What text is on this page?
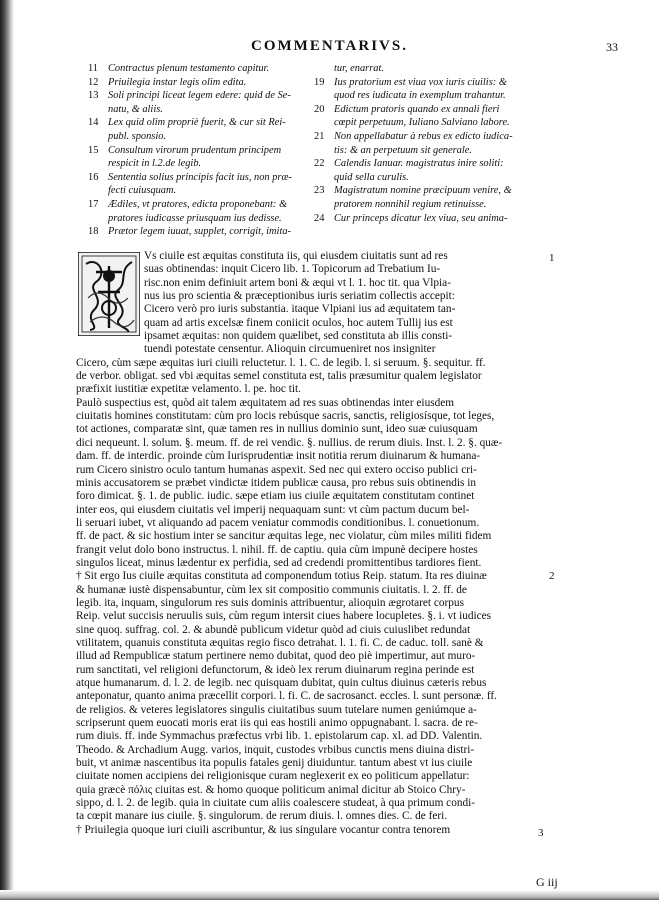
COMMENTARIVS.	33
11 Contractus plenum testamento capitur.
12 Priuilegia instar legis olim edita.
13 Soli principi liceat legem edere: quid de Se-
natu, & aliis.
14 Lex quid olim propriè fuerit, & cur sit Rei-
publ. sponsio.
15 Consultum virorum prudentum principem
respicit in l.2.de legib.
16 Sententia solius principis facit ius, non præ-
fecti cuiusquam.
17 Ædiles, vt pratores, edicta proponebant: &
pratores iudicasse priusquam ius dedisse.
18 Prætor legem iuuat, supplet, corrigit, imita-
tur, enarrat.
19 Ius pratorium est viua vox iuris ciuilis: &
quod res iudicata in exemplum trahantur.
20 Edictum pratoris quando ex annali fieri
cœpit perpetuum, Iuliano Salviano labore.
21 Non appellabatur à rebus ex edicto iudica-
tis: & an perpetuum sit generale.
22 Calendis Ianuar. magistratus inire soliti:
quid sella curulis.
23 Magistratum nomine præcipuum venire, &
pratorem nonnihil regium retinuisse.
24 Cur princeps dicatur lex viua, seu anima-
Vs ciuile est æquitas constituta iis, qui eiusdem ciuitatis sunt ad res
suas obtinendas: inquit Cicero lib. 1. Topicorum ad Trebatium Iu-
risc.non enim definiuit artem boni & æqui vt l. 1. hoc tit. qua Vlpia-
nus ius pro scientia & præceptionibus iuris seriatim collectis accepit:
Cicero verò pro iuris substantia. itaque Vlpiani ius ad æquitatem tan-
quam ad artis excelsæ finem coniicit oculos, hoc autem Tullij ius est
ipsamet æquitas: non quidem quælibet, sed constituta ab illis consti-
tuendi potestate censentur. Alioquin circumueniret nos insigniter
Cicero, cùm sæpe æquitas iuri ciuili reluctetur. l. 1. C. de legib. l. si seruum. §. sequitur. ff.
de verbor. obligat. sed vbi æquitas semel constituta est, talis præsumitur qualem legislator
præfixit iustitiæ expetitæ velamento. l. pe. hoc tit.
Paulò suspectius est, quòd ait talem æquitatem ad res suas obtinendas inter eiusdem
ciuitatis homines constitutam: cùm pro locis rebúsque sacris, sanctis, religiosísque, tot leges,
tot actiones, comparatæ sint, quæ tamen res in nullius dominio sunt, ideo suæ cuiusquam
dici nequeunt. l. solum. §. meum. ff. de rei vendic. §. nullius. de rerum diuis. Inst. l. 2. §. quæ-
dam. ff. de interdic. proinde cùm Iurisprudentiæ insit notitia rerum diuinarum & humana-
rum Cicero sinistro oculo tantum humanas aspexit. Sed nec qui extero occiso publici cri-
minis accusatorem se præbet vindictæ itidem publicæ causa, pro rebus suis obtinendis in
foro dimicat. §. 1. de public. iudic. sæpe etiam ius ciuile æquitatem constitutam continet
inter eos, qui eiusdem ciuitatis vel imperij nequaquam sunt: vt cùm pactum ducum bel-
li seruari iubet, vt aliquando ad pacem veniatur commodis conditionibus. l. conuetionum.
ff. de pact. & sic hostium inter se sancitur æquitas lege, nec violatur, cùm miles militi fidem
frangit velut dolo bono instructus. l. nihil. ff. de captiu. quia cùm impunè decipere hostes
singulos liceat, minus lædentur ex perfidia, sed ad credendi promittentibus tardiores fient.
† Sit ergo Ius ciuile æquitas constituta ad componendum totius Reip. statum. Ita res diuinæ
& humanæ iustè dispensabuntur, cùm lex sit compositio communis ciuitatis. l. 2. ff. de
legib. ita, inquam, singulorum res suis dominis attribuentur, alioquin ægrotaret corpus
Reip. velut succisis neruulis suis, cùm regum intersit ciues habere locupletes. §. i. vt iudices
sine quoq. suffrag. col. 2. & abundè publicum videtur quòd ad ciuis cuiuslibet redundat
vtilitatem, quanuis constituta æquitas regio fisco detrahat. l. 1. fi. C. de caduc. toll. sanè &
illud ad Rempublicæ statum pertinere nemo dubitat, quod deo piè impertimur, aut muro-
rum sanctitati, vel religioni defunctorum, & ideò lex rerum diuinarum regina perinde est
atque humanarum. d. l. 2. de legib. nec quisquam dubitat, quin cultus diuinus cæteris rebus
anteponatur, quanto anima præcellit corpori. l. fi. C. de sacrosanct. eccles. l. sunt personæ. ff.
de religios. & veteres legislatores singulis ciuitatibus suum tutelare numen geniúmque a-
scripserunt quem euocati moris erat iis qui eas hostili animo oppugnabant. l. sacra. de re-
rum diuis. ff. inde Symmachus præfectus vrbi lib. 1. epistolarum cap. xl. ad DD. Valentin.
Theodo. & Archadium Augg. varios, inquit, custodes vrbibus cunctis mens diuina distri-
buit, vt animæ nascentibus ita populis fatales genij diuiduntur. tantum abest vt ius ciuile
ciuitate nomen accipiens dei religionisque curam neglexerit ex eo politicum appellatur:
quia græcè πόλις ciuitas est. & homo quoque politicum animal dicitur ab Stoico Chry-
sippo, d. l. 2. de legib. quia in ciuitate cum aliis coalescere studeat, à qua primum condi-
ta cœpit manare ius ciuile. §. singulorum. de rerum diuis. l. omnes dies. C. de feri.
† Priuilegia quoque iuri ciuili ascribuntur, & ius singulare vocantur contra tenorem
1
2
3
G iij
